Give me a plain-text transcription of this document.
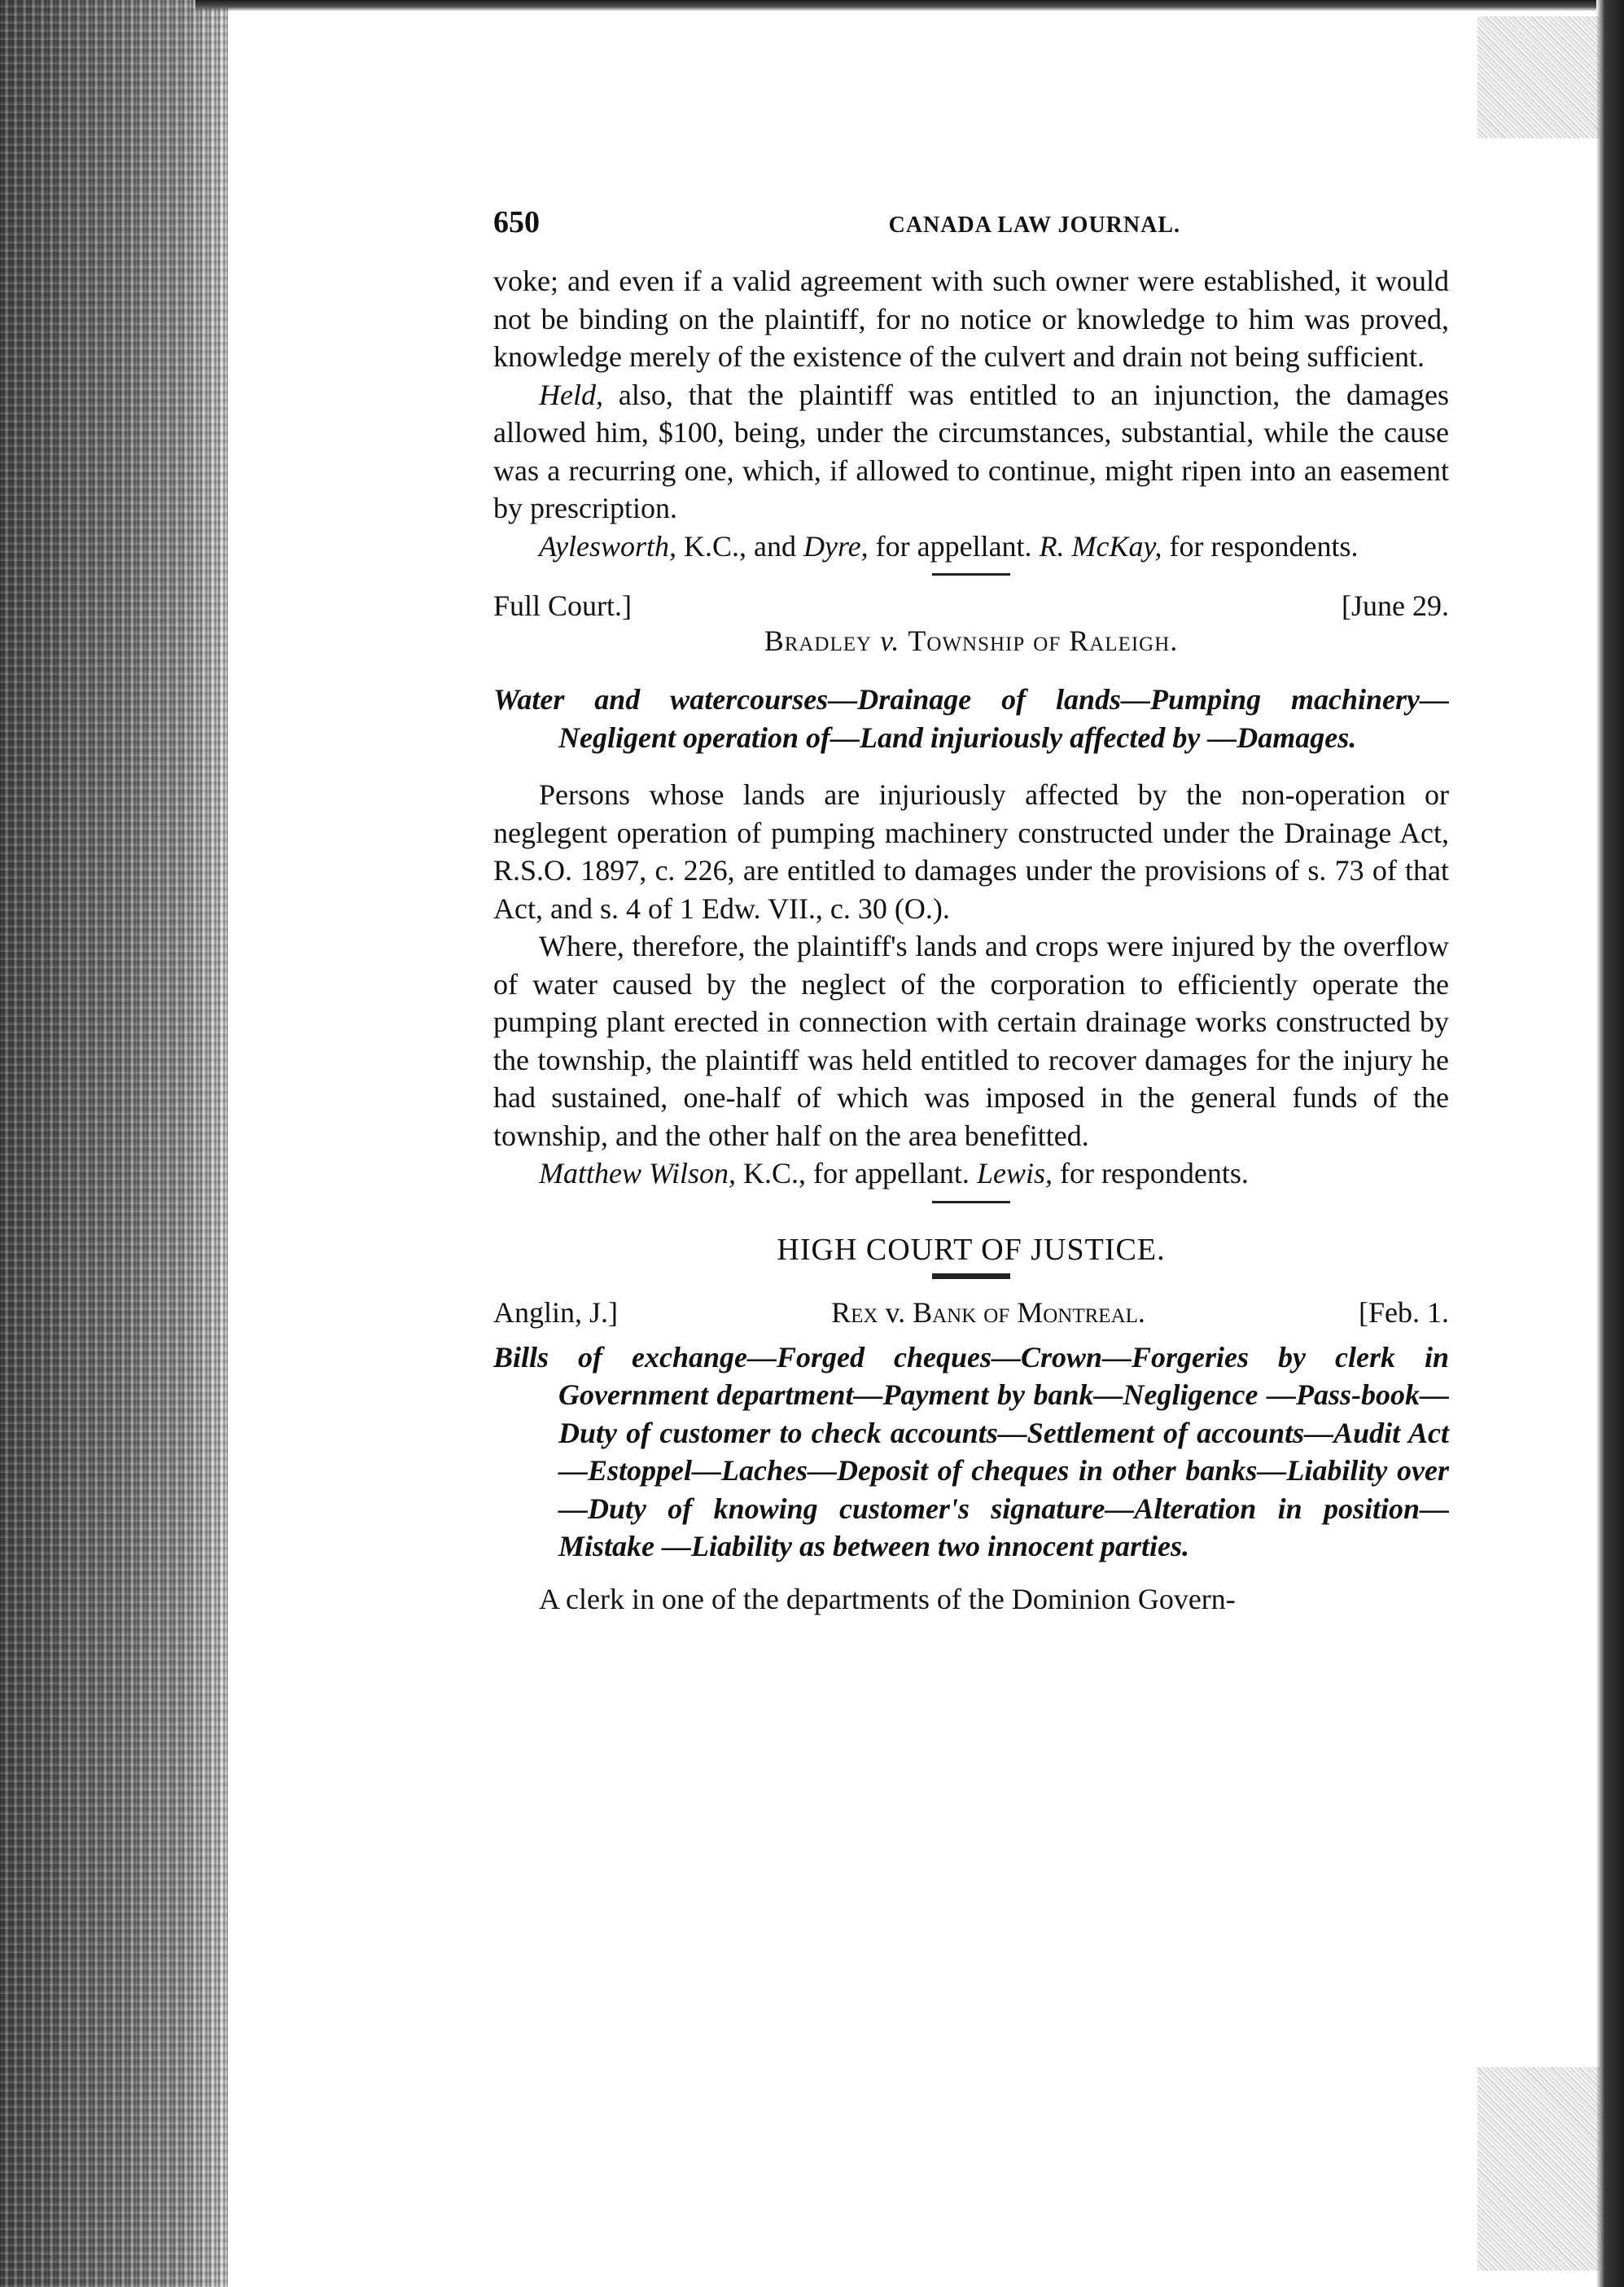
650	CANADA LAW JOURNAL.

voke; and even if a valid agreement with such owner were established, it would not be binding on the plaintiff, for no notice or knowledge to him was proved, knowledge merely of the existence of the culvert and drain not being sufficient.

Held, also, that the plaintiff was entitled to an injunction, the damages allowed him, $100, being, under the circumstances, substantial, while the cause was a recurring one, which, if allowed to continue, might ripen into an easement by prescription.

Aylesworth, K.C., and Dyre, for appellant. R. McKay, for respondents.

Full Court.]	[June 29.
Bradley v. Township of Raleigh.

Water and watercourses—Drainage of lands—Pumping machinery—Negligent operation of—Land injuriously affected by —Damages.

Persons whose lands are injuriously affected by the non-operation or neglegent operation of pumping machinery constructed under the Drainage Act, R.S.O. 1897, c. 226, are entitled to damages under the provisions of s. 73 of that Act, and s. 4 of 1 Edw. VII., c. 30 (O.).

Where, therefore, the plaintiff's lands and crops were injured by the overflow of water caused by the neglect of the corporation to efficiently operate the pumping plant erected in connection with certain drainage works constructed by the township, the plaintiff was held entitled to recover damages for the injury he had sustained, one-half of which was imposed in the general funds of the township, and the other half on the area benefitted.

Matthew Wilson, K.C., for appellant. Lewis, for respondents.

HIGH COURT OF JUSTICE.
Anglin, J.]	Rex v. Bank of Montreal.	[Feb. 1.

Bills of exchange—Forged cheques—Crown—Forgeries by clerk in Government department—Payment by bank—Negligence —Pass-book—Duty of customer to check accounts—Settlement of accounts—Audit Act—Estoppel—Laches—Deposit of cheques in other banks—Liability over—Duty of knowing customer's signature—Alteration in position—Mistake —Liability as between two innocent parties.

A clerk in one of the departments of the Dominion Govern-
